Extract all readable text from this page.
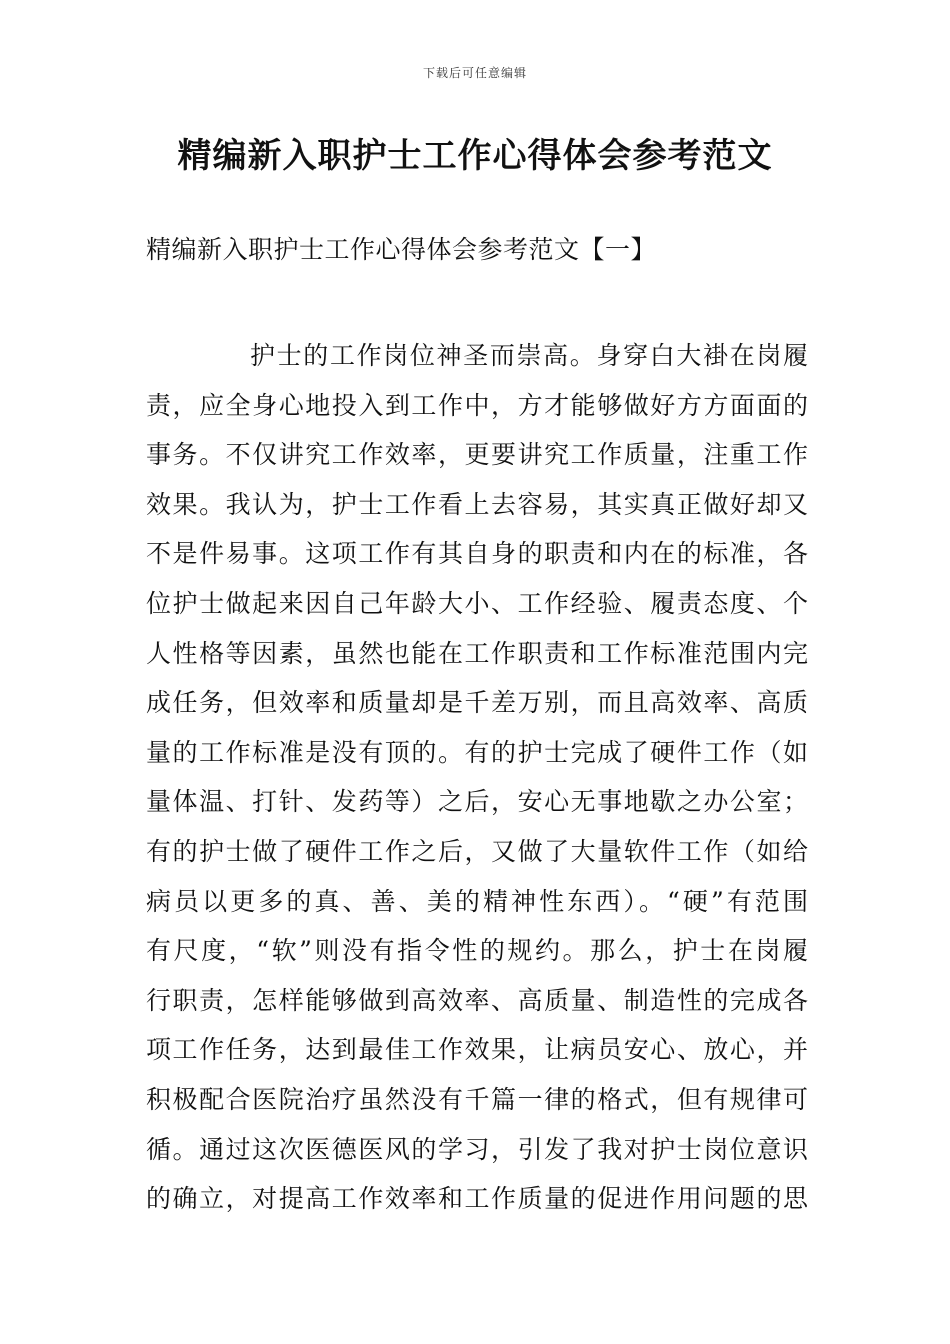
下载后可任意编辑
精编新入职护士工作心得体会参考范文
精编新入职护士工作心得体会参考范文【一】
护士的工作岗位神圣而崇高。身穿白大褂在岗履
责，应全身心地投入到工作中，方才能够做好方方面面的
事务。不仅讲究工作效率，更要讲究工作质量，注重工作
效果。我认为，护士工作看上去容易，其实真正做好却又
不是件易事。这项工作有其自身的职责和内在的标准，各
位护士做起来因自己年龄大小、工作经验、履责态度、个
人性格等因素，虽然也能在工作职责和工作标准范围内完
成任务，但效率和质量却是千差万别，而且高效率、高质
量的工作标准是没有顶的。有的护士完成了硬件工作（如
量体温、打针、发药等）之后，安心无事地歇之办公室；
有的护士做了硬件工作之后，又做了大量软件工作（如给
病员以更多的真、善、美的精神性东西）。“硬”有范围
有尺度，“软”则没有指令性的规约。那么，护士在岗履
行职责，怎样能够做到高效率、高质量、制造性的完成各
项工作任务，达到最佳工作效果，让病员安心、放心，并
积极配合医院治疗虽然没有千篇一律的格式，但有规律可
循。通过这次医德医风的学习，引发了我对护士岗位意识
的确立，对提高工作效率和工作质量的促进作用问题的思
